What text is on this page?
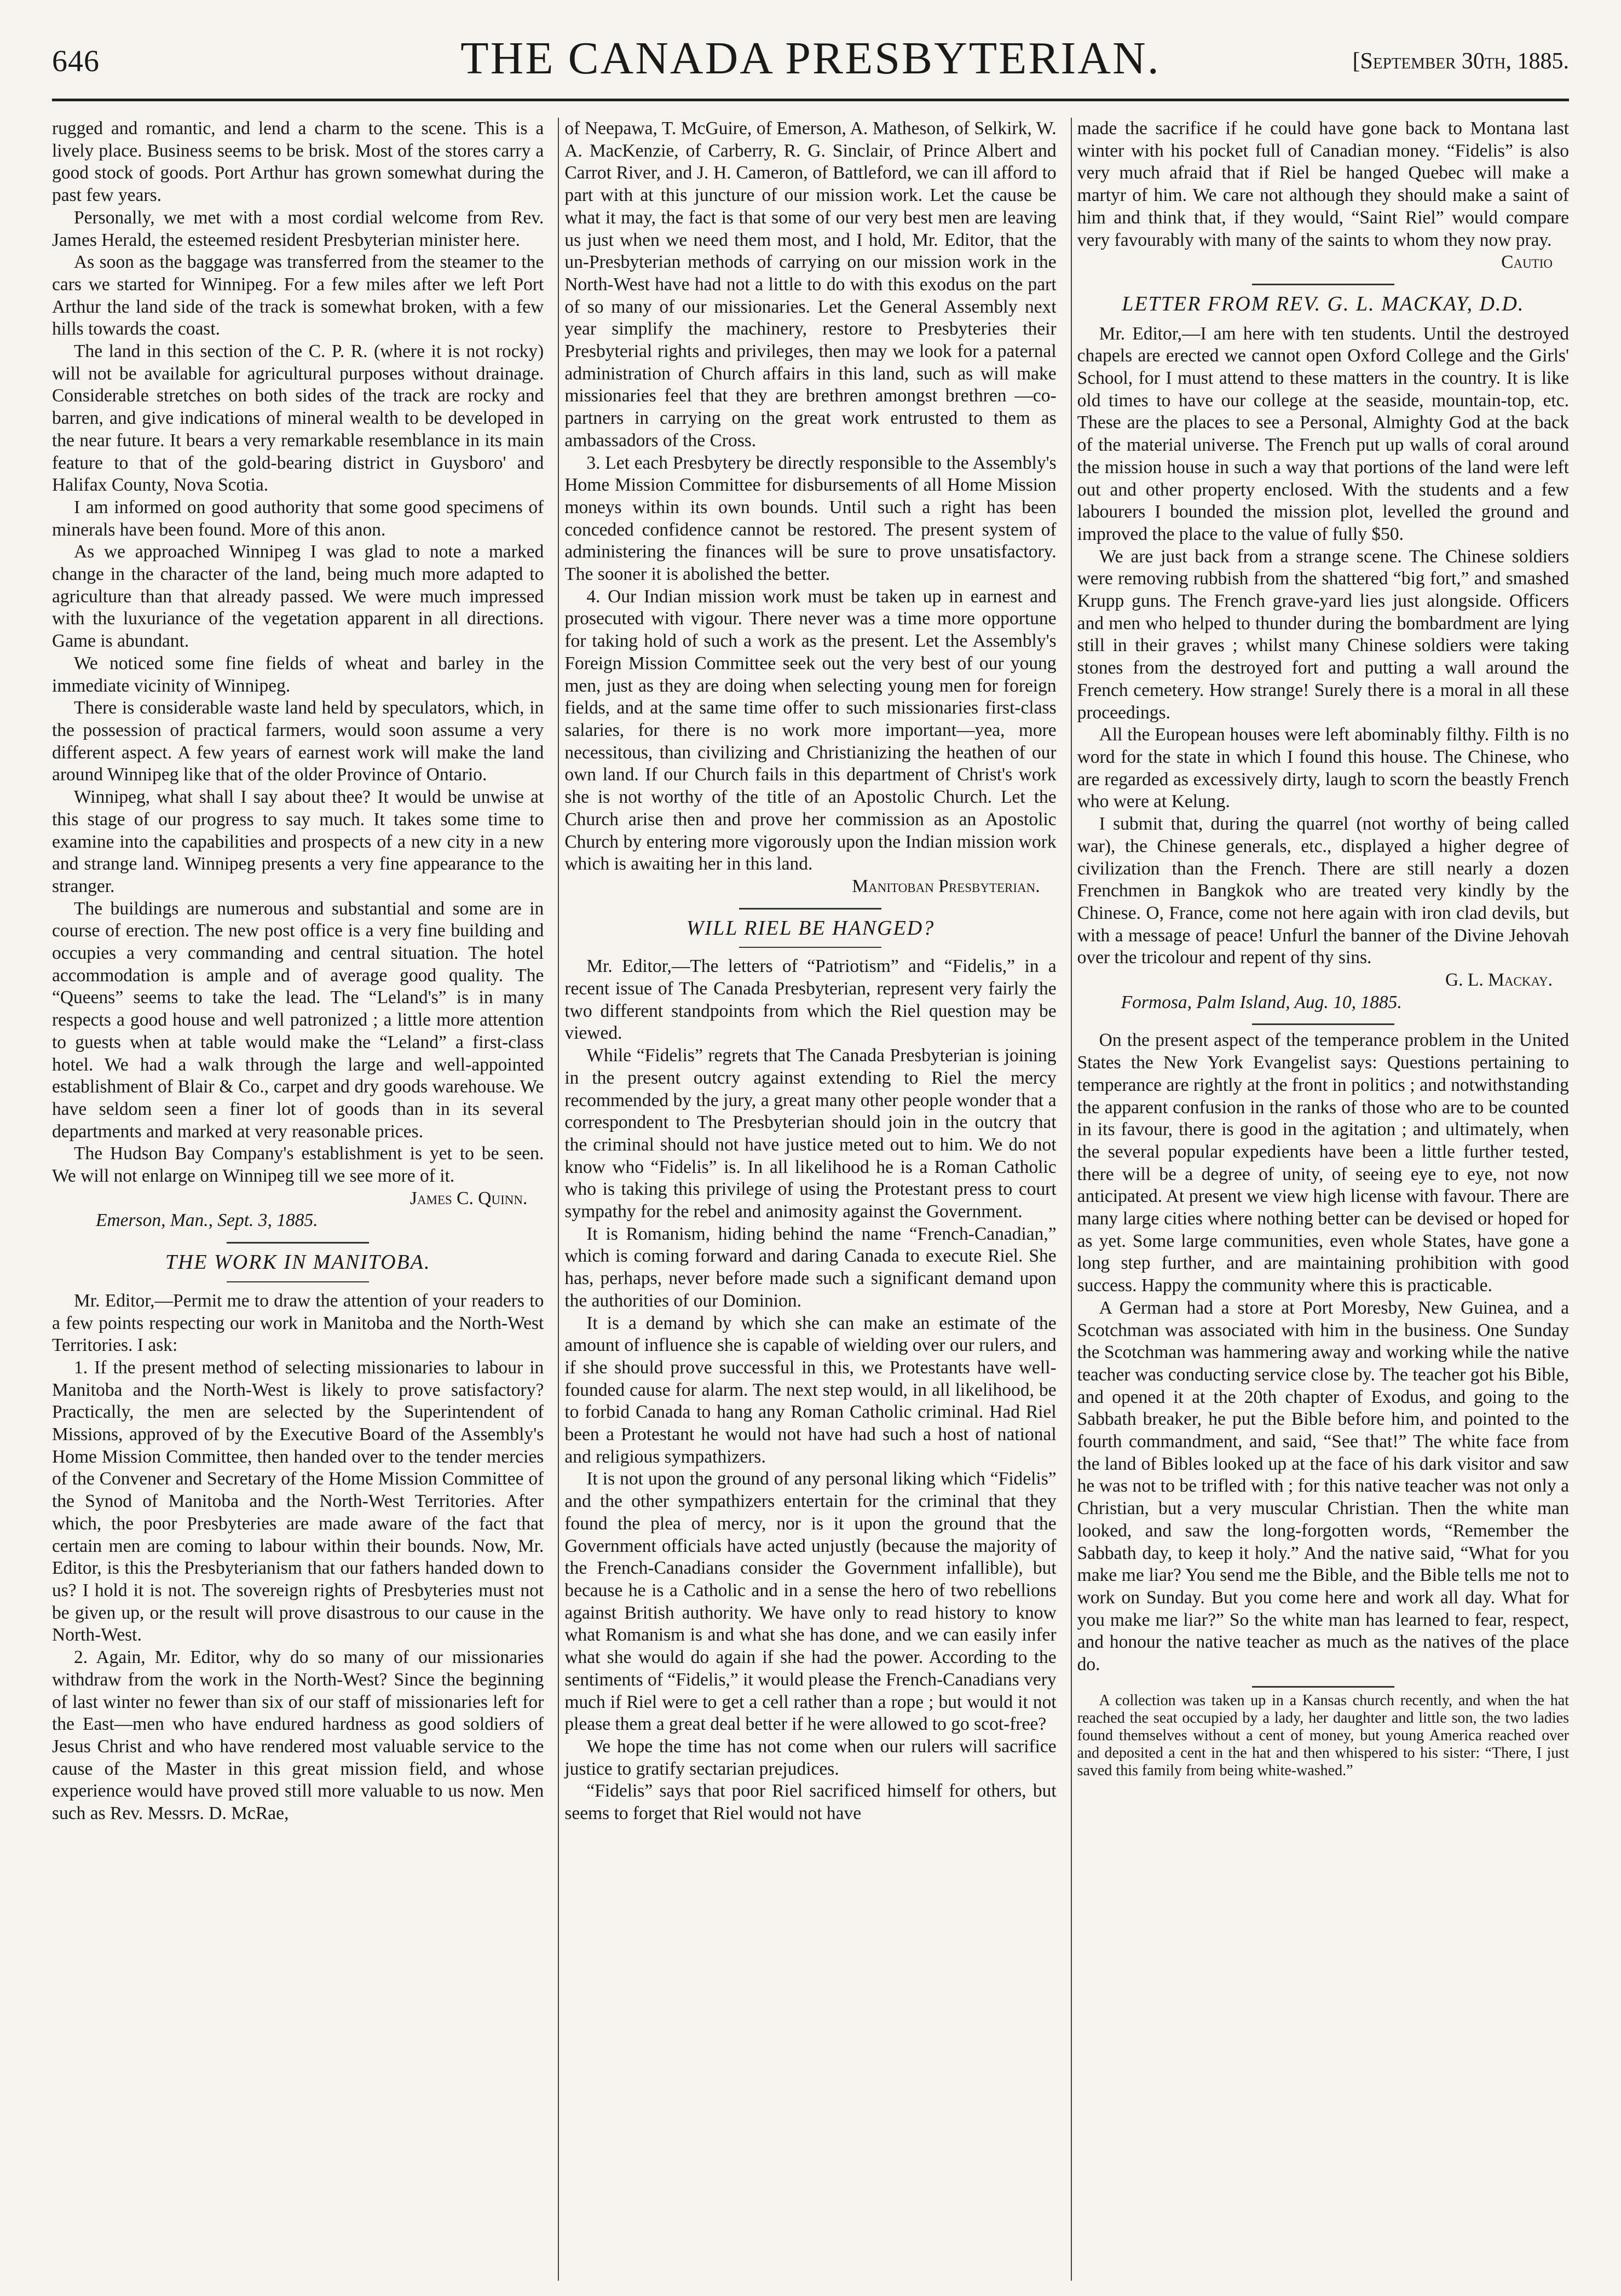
646	THE CANADA PRESBYTERIAN.	[September 30th, 1885.

rugged and romantic, and lend a charm to the scene. This is a lively place. Business seems to be brisk. Most of the stores carry a good stock of goods. Port Arthur has grown somewhat during the past few years.

Personally, we met with a most cordial welcome from Rev. James Herald, the esteemed resident Presbyterian minister here.

As soon as the baggage was transferred from the steamer to the cars we started for Winnipeg. For a few miles after we left Port Arthur the land side of the track is somewhat broken, with a few hills towards the coast.

The land in this section of the C. P. R. (where it is not rocky) will not be available for agricultural purposes without drainage. Considerable stretches on both sides of the track are rocky and barren, and give indications of mineral wealth to be developed in the near future. It bears a very remarkable resemblance in its main feature to that of the gold-bearing district in Guysboro' and Halifax County, Nova Scotia.

I am informed on good authority that some good specimens of minerals have been found. More of this anon.

As we approached Winnipeg I was glad to note a marked change in the character of the land, being much more adapted to agriculture than that already passed. We were much impressed with the luxuriance of the vegetation apparent in all directions. Game is abundant.

We noticed some fine fields of wheat and barley in the immediate vicinity of Winnipeg.

There is considerable waste land held by speculators, which, in the possession of practical farmers, would soon assume a very different aspect. A few years of earnest work will make the land around Winnipeg like that of the older Province of Ontario.

Winnipeg, what shall I say about thee? It would be unwise at this stage of our progress to say much. It takes some time to examine into the capabilities and prospects of a new city in a new and strange land. Winnipeg presents a very fine appearance to the stranger.

The buildings are numerous and substantial and some are in course of erection. The new post office is a very fine building and occupies a very commanding and central situation. The hotel accommodation is ample and of average good quality. The “Queens” seems to take the lead. The “Leland's” is in many respects a good house and well patronized ; a little more attention to guests when at table would make the “Leland” a first-class hotel. We had a walk through the large and well-appointed establishment of Blair & Co., carpet and dry goods warehouse. We have seldom seen a finer lot of goods than in its several departments and marked at very reasonable prices.

The Hudson Bay Company's establishment is yet to be seen. We will not enlarge on Winnipeg till we see more of it.

James C. Quinn.

Emerson, Man., Sept. 3, 1885.

THE WORK IN MANITOBA.

Mr. Editor,—Permit me to draw the attention of your readers to a few points respecting our work in Manitoba and the North-West Territories. I ask:

1. If the present method of selecting missionaries to labour in Manitoba and the North-West is likely to prove satisfactory? Practically, the men are selected by the Superintendent of Missions, approved of by the Executive Board of the Assembly's Home Mission Committee, then handed over to the tender mercies of the Convener and Secretary of the Home Mission Committee of the Synod of Manitoba and the North-West Territories. After which, the poor Presbyteries are made aware of the fact that certain men are coming to labour within their bounds. Now, Mr. Editor, is this the Presbyterianism that our fathers handed down to us? I hold it is not. The sovereign rights of Presbyteries must not be given up, or the result will prove disastrous to our cause in the North-West.

2. Again, Mr. Editor, why do so many of our missionaries withdraw from the work in the North-West? Since the beginning of last winter no fewer than six of our staff of missionaries left for the East—men who have endured hardness as good soldiers of Jesus Christ and who have rendered most valuable service to the cause of the Master in this great mission field, and whose experience would have proved still more valuable to us now. Men such as Rev. Messrs. D. McRae,

of Neepawa, T. McGuire, of Emerson, A. Matheson, of Selkirk, W. A. MacKenzie, of Carberry, R. G. Sinclair, of Prince Albert and Carrot River, and J. H. Cameron, of Battleford, we can ill afford to part with at this juncture of our mission work. Let the cause be what it may, the fact is that some of our very best men are leaving us just when we need them most, and I hold, Mr. Editor, that the un-Presbyterian methods of carrying on our mission work in the North-West have had not a little to do with this exodus on the part of so many of our missionaries. Let the General Assembly next year simplify the machinery, restore to Presbyteries their Presbyterial rights and privileges, then may we look for a paternal administration of Church affairs in this land, such as will make missionaries feel that they are brethren amongst brethren —co-partners in carrying on the great work entrusted to them as ambassadors of the Cross.

3. Let each Presbytery be directly responsible to the Assembly's Home Mission Committee for disbursements of all Home Mission moneys within its own bounds. Until such a right has been conceded confidence cannot be restored. The present system of administering the finances will be sure to prove unsatisfactory. The sooner it is abolished the better.

4. Our Indian mission work must be taken up in earnest and prosecuted with vigour. There never was a time more opportune for taking hold of such a work as the present. Let the Assembly's Foreign Mission Committee seek out the very best of our young men, just as they are doing when selecting young men for foreign fields, and at the same time offer to such missionaries first-class salaries, for there is no work more important—yea, more necessitous, than civilizing and Christianizing the heathen of our own land. If our Church fails in this department of Christ's work she is not worthy of the title of an Apostolic Church. Let the Church arise then and prove her commission as an Apostolic Church by entering more vigorously upon the Indian mission work which is awaiting her in this land.

Manitoban Presbyterian.

WILL RIEL BE HANGED?

Mr. Editor,—The letters of “Patriotism” and “Fidelis,” in a recent issue of The Canada Presbyterian, represent very fairly the two different standpoints from which the Riel question may be viewed.

While “Fidelis” regrets that The Canada Presbyterian is joining in the present outcry against extending to Riel the mercy recommended by the jury, a great many other people wonder that a correspondent to The Presbyterian should join in the outcry that the criminal should not have justice meted out to him. We do not know who “Fidelis” is. In all likelihood he is a Roman Catholic who is taking this privilege of using the Protestant press to court sympathy for the rebel and animosity against the Government.

It is Romanism, hiding behind the name “French-Canadian,” which is coming forward and daring Canada to execute Riel. She has, perhaps, never before made such a significant demand upon the authorities of our Dominion.

It is a demand by which she can make an estimate of the amount of influence she is capable of wielding over our rulers, and if she should prove successful in this, we Protestants have well-founded cause for alarm. The next step would, in all likelihood, be to forbid Canada to hang any Roman Catholic criminal. Had Riel been a Protestant he would not have had such a host of national and religious sympathizers.

It is not upon the ground of any personal liking which “Fidelis” and the other sympathizers entertain for the criminal that they found the plea of mercy, nor is it upon the ground that the Government officials have acted unjustly (because the majority of the French-Canadians consider the Government infallible), but because he is a Catholic and in a sense the hero of two rebellions against British authority. We have only to read history to know what Romanism is and what she has done, and we can easily infer what she would do again if she had the power. According to the sentiments of “Fidelis,” it would please the French-Canadians very much if Riel were to get a cell rather than a rope ; but would it not please them a great deal better if he were allowed to go scot-free?

We hope the time has not come when our rulers will sacrifice justice to gratify sectarian prejudices.

“Fidelis” says that poor Riel sacrificed himself for others, but seems to forget that Riel would not have

made the sacrifice if he could have gone back to Montana last winter with his pocket full of Canadian money. “Fidelis” is also very much afraid that if Riel be hanged Quebec will make a martyr of him. We care not although they should make a saint of him and think that, if they would, “Saint Riel” would compare very favourably with many of the saints to whom they now pray.

Cautio

LETTER FROM REV. G. L. MACKAY, D.D.

Mr. Editor,—I am here with ten students. Until the destroyed chapels are erected we cannot open Oxford College and the Girls' School, for I must attend to these matters in the country. It is like old times to have our college at the seaside, mountain-top, etc. These are the places to see a Personal, Almighty God at the back of the material universe. The French put up walls of coral around the mission house in such a way that portions of the land were left out and other property enclosed. With the students and a few labourers I bounded the mission plot, levelled the ground and improved the place to the value of fully $50.

We are just back from a strange scene. The Chinese soldiers were removing rubbish from the shattered “big fort,” and smashed Krupp guns. The French grave-yard lies just alongside. Officers and men who helped to thunder during the bombardment are lying still in their graves ; whilst many Chinese soldiers were taking stones from the destroyed fort and putting a wall around the French cemetery. How strange! Surely there is a moral in all these proceedings.

All the European houses were left abominably filthy. Filth is no word for the state in which I found this house. The Chinese, who are regarded as excessively dirty, laugh to scorn the beastly French who were at Kelung.

I submit that, during the quarrel (not worthy of being called war), the Chinese generals, etc., displayed a higher degree of civilization than the French. There are still nearly a dozen Frenchmen in Bangkok who are treated very kindly by the Chinese. O, France, come not here again with iron clad devils, but with a message of peace! Unfurl the banner of the Divine Jehovah over the tricolour and repent of thy sins.

G. L. Mackay.

Formosa, Palm Island, Aug. 10, 1885.

On the present aspect of the temperance problem in the United States the New York Evangelist says: Questions pertaining to temperance are rightly at the front in politics ; and notwithstanding the apparent confusion in the ranks of those who are to be counted in its favour, there is good in the agitation ; and ultimately, when the several popular expedients have been a little further tested, there will be a degree of unity, of seeing eye to eye, not now anticipated. At present we view high license with favour. There are many large cities where nothing better can be devised or hoped for as yet. Some large communities, even whole States, have gone a long step further, and are maintaining prohibition with good success. Happy the community where this is practicable.

A German had a store at Port Moresby, New Guinea, and a Scotchman was associated with him in the business. One Sunday the Scotchman was hammering away and working while the native teacher was conducting service close by. The teacher got his Bible, and opened it at the 20th chapter of Exodus, and going to the Sabbath breaker, he put the Bible before him, and pointed to the fourth commandment, and said, “See that!” The white face from the land of Bibles looked up at the face of his dark visitor and saw he was not to be trifled with ; for this native teacher was not only a Christian, but a very muscular Christian. Then the white man looked, and saw the long-forgotten words, “Remember the Sabbath day, to keep it holy.” And the native said, “What for you make me liar? You send me the Bible, and the Bible tells me not to work on Sunday. But you come here and work all day. What for you make me liar?” So the white man has learned to fear, respect, and honour the native teacher as much as the natives of the place do.

A collection was taken up in a Kansas church recently, and when the hat reached the seat occupied by a lady, her daughter and little son, the two ladies found themselves without a cent of money, but young America reached over and deposited a cent in the hat and then whispered to his sister: “There, I just saved this family from being white-washed.”
